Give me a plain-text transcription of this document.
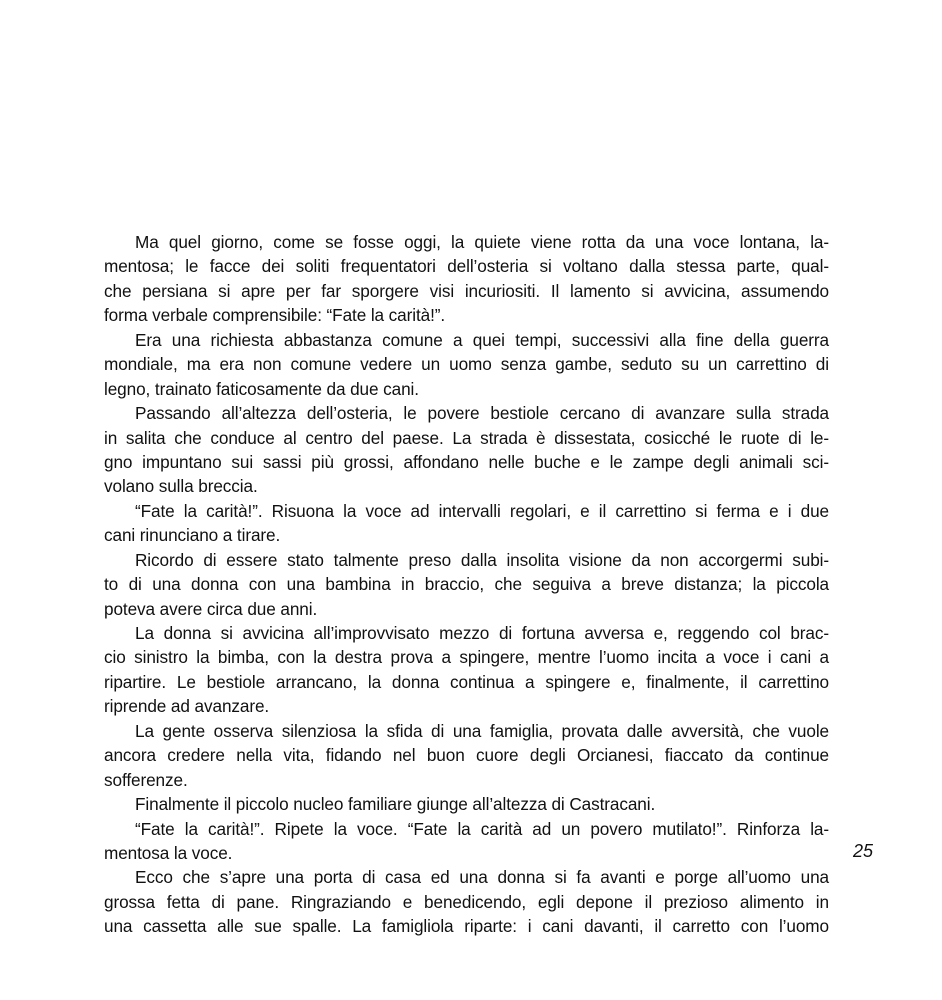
Ma quel giorno, come se fosse oggi, la quiete viene rotta da una voce lontana, la-
mentosa; le facce dei soliti frequentatori dell’osteria si voltano dalla stessa parte, qual-
che persiana si apre per far sporgere visi incuriositi. Il lamento si avvicina, assumendo
forma verbale comprensibile: “Fate la carità!”.
Era una richiesta abbastanza comune a quei tempi, successivi alla fine della guerra
mondiale, ma era non comune vedere un uomo senza gambe, seduto su un carrettino di
legno, trainato faticosamente da due cani.
Passando all’altezza dell’osteria, le povere bestiole cercano di avanzare sulla strada
in salita che conduce al centro del paese. La strada è dissestata, cosicché le ruote di le-
gno impuntano sui sassi più grossi, affondano nelle buche e le zampe degli animali sci-
volano sulla breccia.
“Fate la carità!”. Risuona la voce ad intervalli regolari, e il carrettino si ferma e i due
cani rinunciano a tirare.
Ricordo di essere stato talmente preso dalla insolita visione da non accorgermi subi-
to di una donna con una bambina in braccio, che seguiva a breve distanza; la piccola
poteva avere circa due anni.
La donna si avvicina all’improvvisato mezzo di fortuna avversa e, reggendo col brac-
cio sinistro la bimba, con la destra prova a spingere, mentre l’uomo incita a voce i cani a
ripartire. Le bestiole arrancano, la donna continua a spingere e, finalmente, il carrettino
riprende ad avanzare.
La gente osserva silenziosa la sfida di una famiglia, provata dalle avversità, che vuole
ancora credere nella vita, fidando nel buon cuore degli Orcianesi, fiaccato da continue
sofferenze.
Finalmente il piccolo nucleo familiare giunge all’altezza di Castracani.
“Fate la carità!”. Ripete la voce. “Fate la carità ad un povero mutilato!”. Rinforza la-
mentosa la voce.
Ecco che s’apre una porta di casa ed una donna si fa avanti e porge all’uomo una
grossa fetta di pane. Ringraziando e benedicendo, egli depone il prezioso alimento in
una cassetta alle sue spalle. La famigliola riparte: i cani davanti, il carretto con l’uomo
25
